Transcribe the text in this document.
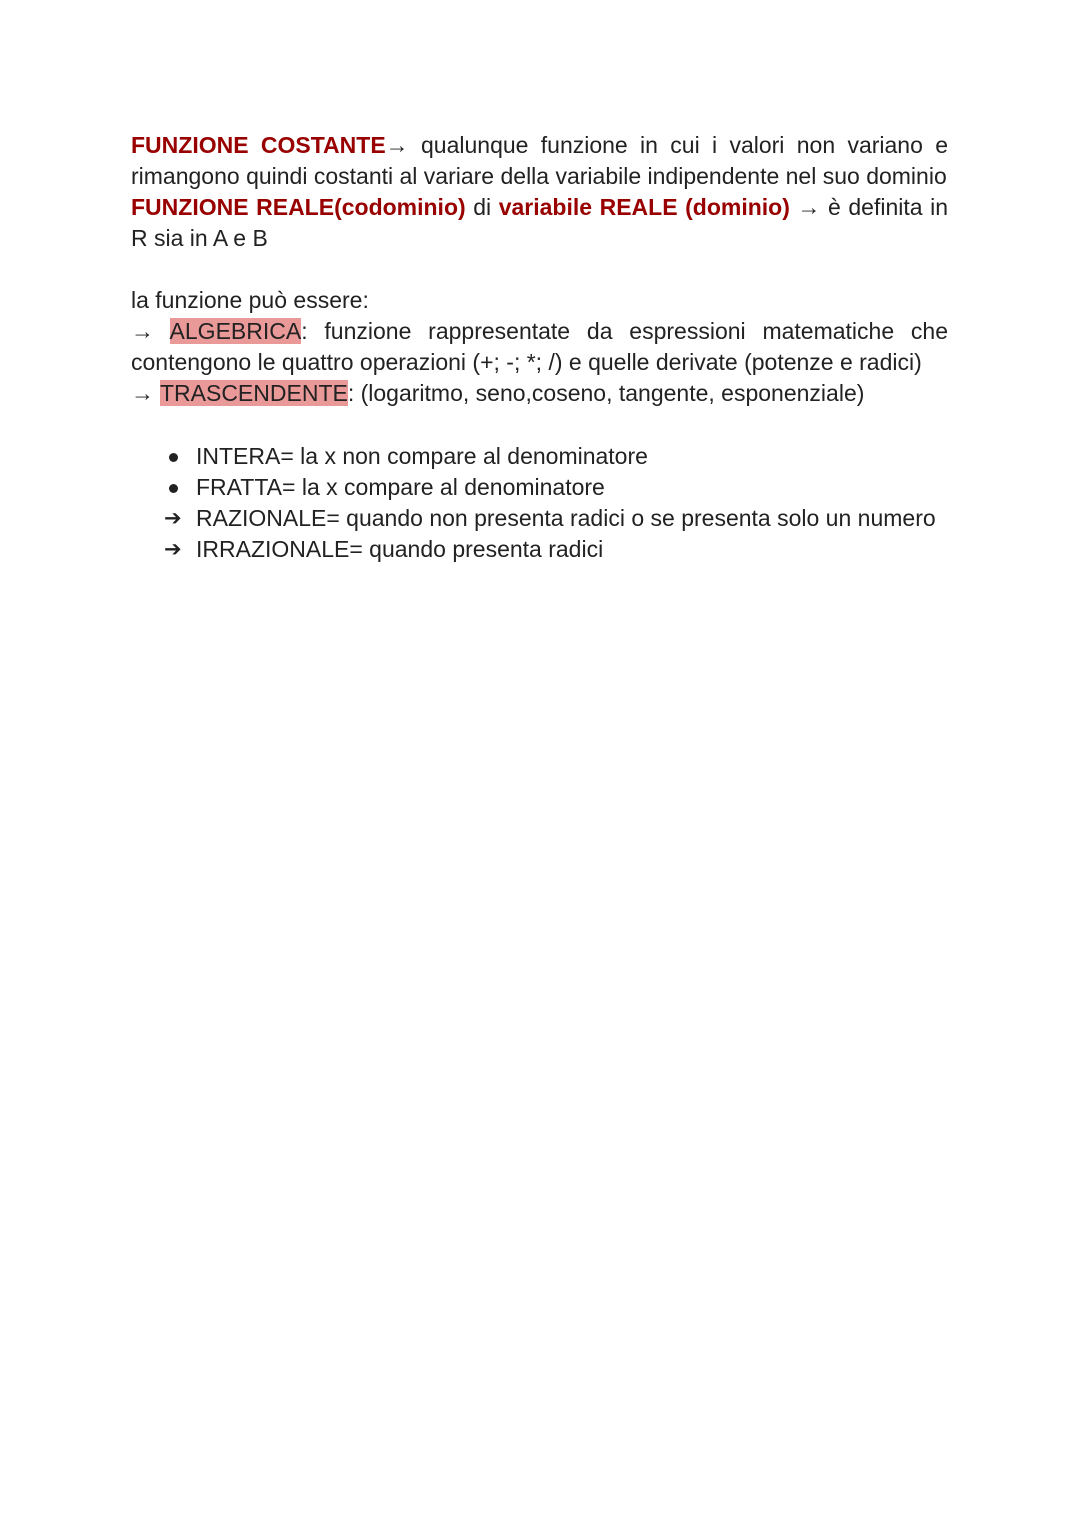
FUNZIONE COSTANTE→ qualunque funzione in cui i valori non variano e rimangono quindi costanti al variare della variabile indipendente nel suo dominio

FUNZIONE REALE(codominio) di variabile REALE (dominio) → è definita in R sia in A e B

la funzione può essere:

→ ALGEBRICA: funzione rappresentate da espressioni matematiche che contengono le quattro operazioni (+; -; *; /) e quelle derivate (potenze e radici)

→ TRASCENDENTE: (logaritmo, seno,coseno, tangente, esponenziale)

INTERA= la x non compare al denominatore
FRATTA= la x compare al denominatore
➔ RAZIONALE= quando non presenta radici o se presenta solo un numero
➔ IRRAZIONALE= quando presenta radici
